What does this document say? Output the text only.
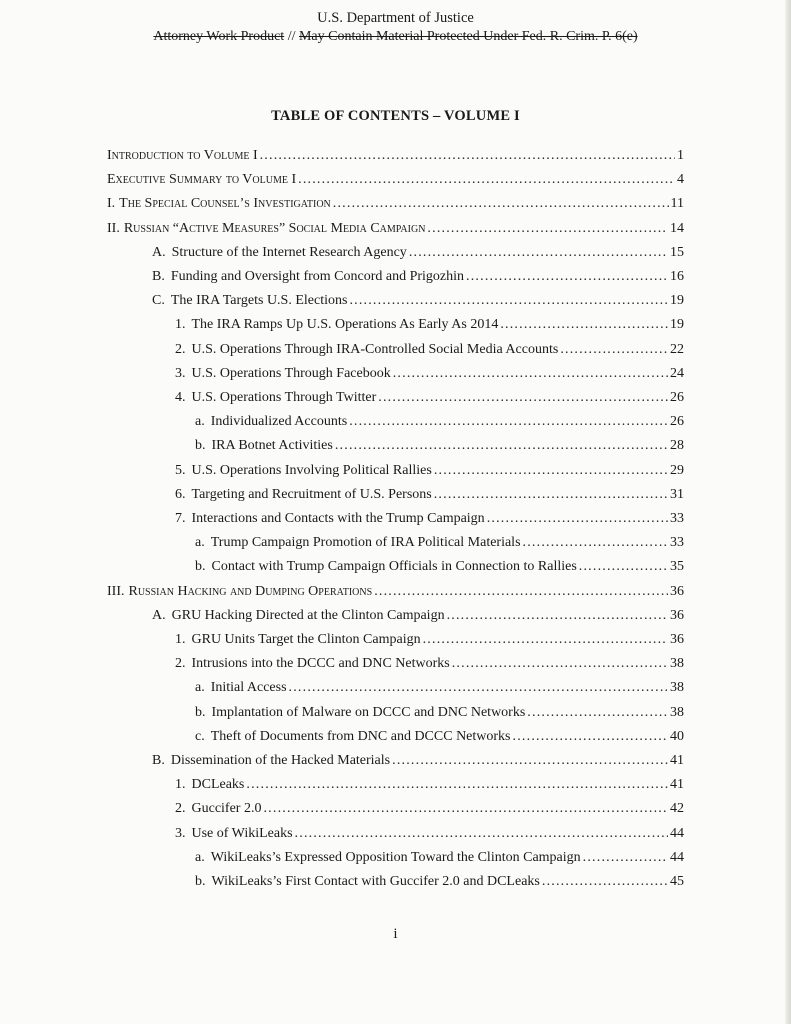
U.S. Department of Justice
Attorney Work Product // May Contain Material Protected Under Fed. R. Crim. P. 6(e)
TABLE OF CONTENTS – VOLUME I
Introduction to Volume I .....	1
Executive Summary to Volume I .....	4
I. The Special Counsel’s Investigation .....	11
II. Russian “Active Measures” Social Media Campaign .....	14
A. Structure of the Internet Research Agency .....	15
B. Funding and Oversight from Concord and Prigozhin .....	16
C. The IRA Targets U.S. Elections .....	19
1. The IRA Ramps Up U.S. Operations As Early As 2014 .....	19
2. U.S. Operations Through IRA-Controlled Social Media Accounts .....	22
3. U.S. Operations Through Facebook .....	24
4. U.S. Operations Through Twitter .....	26
a. Individualized Accounts .....	26
b. IRA Botnet Activities .....	28
5. U.S. Operations Involving Political Rallies .....	29
6. Targeting and Recruitment of U.S. Persons .....	31
7. Interactions and Contacts with the Trump Campaign .....	33
a. Trump Campaign Promotion of IRA Political Materials .....	33
b. Contact with Trump Campaign Officials in Connection to Rallies .....	35
III. Russian Hacking and Dumping Operations .....	36
A. GRU Hacking Directed at the Clinton Campaign .....	36
1. GRU Units Target the Clinton Campaign .....	36
2. Intrusions into the DCCC and DNC Networks .....	38
a. Initial Access .....	38
b. Implantation of Malware on DCCC and DNC Networks .....	38
c. Theft of Documents from DNC and DCCC Networks .....	40
B. Dissemination of the Hacked Materials .....	41
1. DCLeaks .....	41
2. Guccifer 2.0 .....	42
3. Use of WikiLeaks .....	44
a. WikiLeaks’s Expressed Opposition Toward the Clinton Campaign .....	44
b. WikiLeaks’s First Contact with Guccifer 2.0 and DCLeaks .....	45
i
